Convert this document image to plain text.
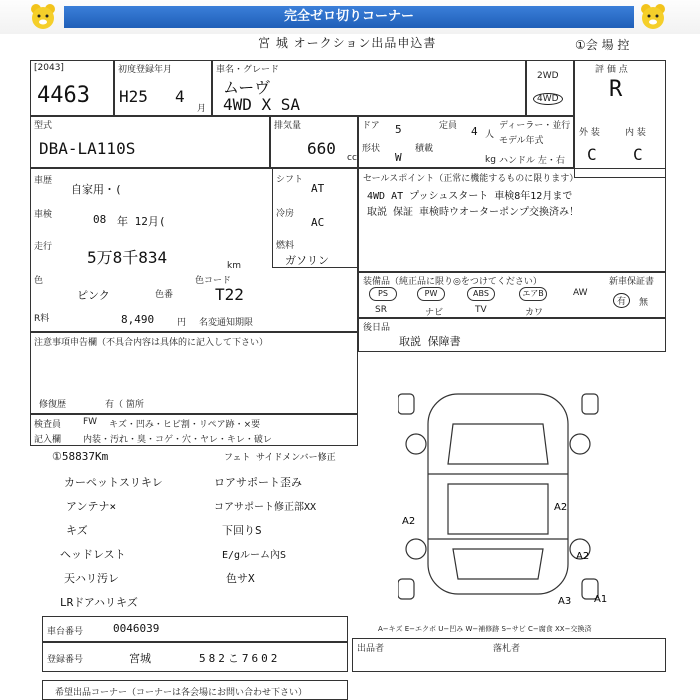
完全ゼロ切りコーナー
宮 城 オークション出品申込書	①会 場 控
[2043]
4463
初度登録年月
H25 4
月
車名・グレード
ムーヴ
4WD X SA
2WD
4WD
評 価 点
R
外 装	内 装
C C
型式
DBA-LA110S
排気量
660 cc
ドア 5	定員 4 人
ディーラー・並行
モデル年式
形状
W
積載
kg ハンドル 左・右
車歴
自家用・(
車検	08 年 12月(
走行
5万8千834	km
色
ピンク	色番
色コード
T22
R料	8,490	円 名変通知期限
シフト
AT
冷房
AC
燃料
ガソリン
セールスポイント（正常に機能するものに限ります）
4WD AT プッシュスタート 車検8年12月まで
取説 保証 車検時ウオーターポンプ交換済み！
装備品（純正品に限り◎をつけてください）	新車保証書
PS	PW	ABS	エアB	AW
SR	ナビ	TV	カワ
有	無
後日品
取説 保障書
注意事項申告欄（不具合内容は具体的に記入して下さい）
修復歴	有（ 箇所
検査員
記入欄
FW キズ・凹み・ヒビ割・リペア跡・×要
内装・汚れ・臭・コゲ・穴・ヤレ・キレ・破レ
①58837Km
カーペットスリキレ
アンテナ×
キズ
ヘッドレスト
天ハリ汚レ
LRドアハリキズ
フェト サイドメンバー修正
ロアサポート歪み
コアサポート修正部XX
下回りS
E/gルーム內S
色サX
車台番号	0046039
登録番号	宮城	582こ7602
出品者	落札者
希望出品コーナー（コーナーは各会場にお問い合わせ下さい）
A2
A2
A3
A2
A1
A−キズ E−エクボ U−凹み W−補修跡 S−サビ C−腐食 XX−交換済
